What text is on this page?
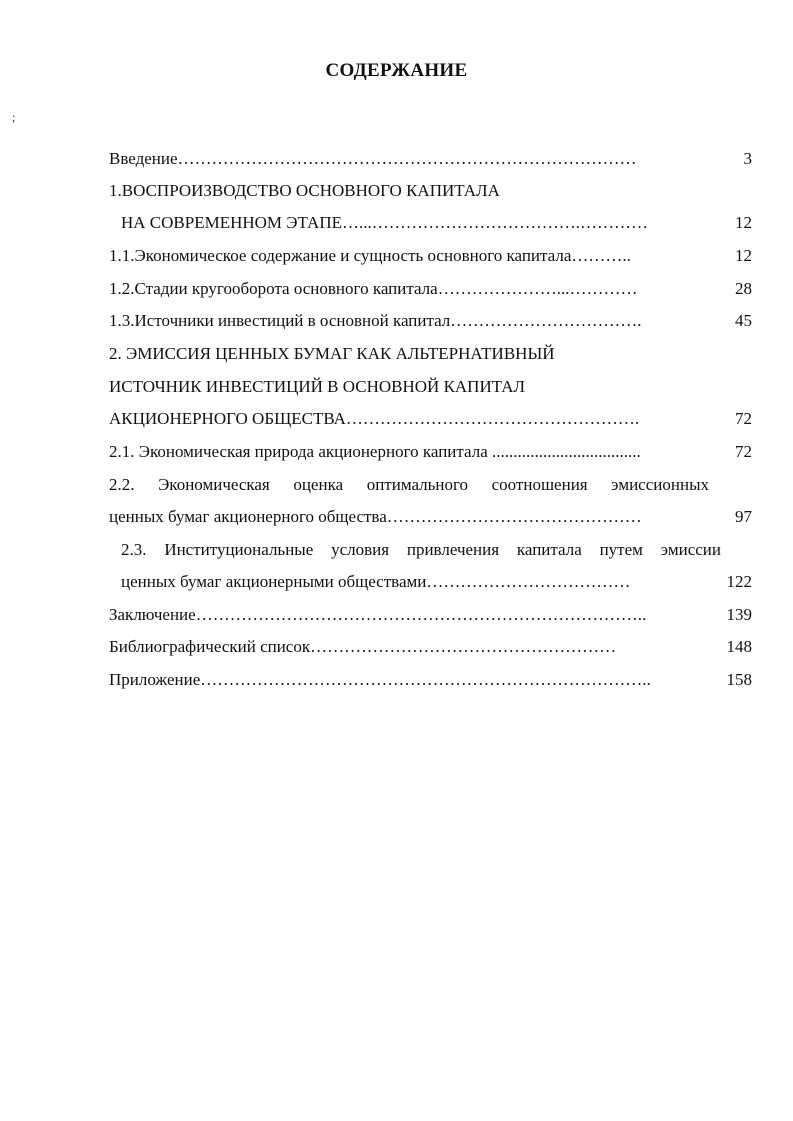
СОДЕРЖАНИЕ
;
Введение………………………………………………………………………	3
1.ВОСПРОИЗВОДСТВО ОСНОВНОГО КАПИТАЛА
НА СОВРЕМЕННОМ ЭТАПЕ…...……………………………….…………	12
1.1.Экономическое содержание и сущность основного капитала………..	12
1.2.Стадии кругооборота основного капитала…………………...…………	28
1.3.Источники инвестиций в основной капитал…………………………….	45
2. ЭМИССИЯ ЦЕННЫХ БУМАГ КАК АЛЬТЕРНАТИВНЫЙ
ИСТОЧНИК ИНВЕСТИЦИЙ В ОСНОВНОЙ КАПИТАЛ
АКЦИОНЕРНОГО ОБЩЕСТВА…………………………………………….	72
2.1. Экономическая природа акционерного капитала ...................................	72
2.2. Экономическая оценка оптимального соотношения эмиссионных
ценных бумаг акционерного общества………………………………………	97
2.3. Институциональные условия привлечения капитала путем эмиссии
ценных бумаг акционерными обществами………………………………	122
Заключение……………………………………………………………………..	139
Библиографический список………………………………………………	148
Приложение……………………………………………………………………..	158
